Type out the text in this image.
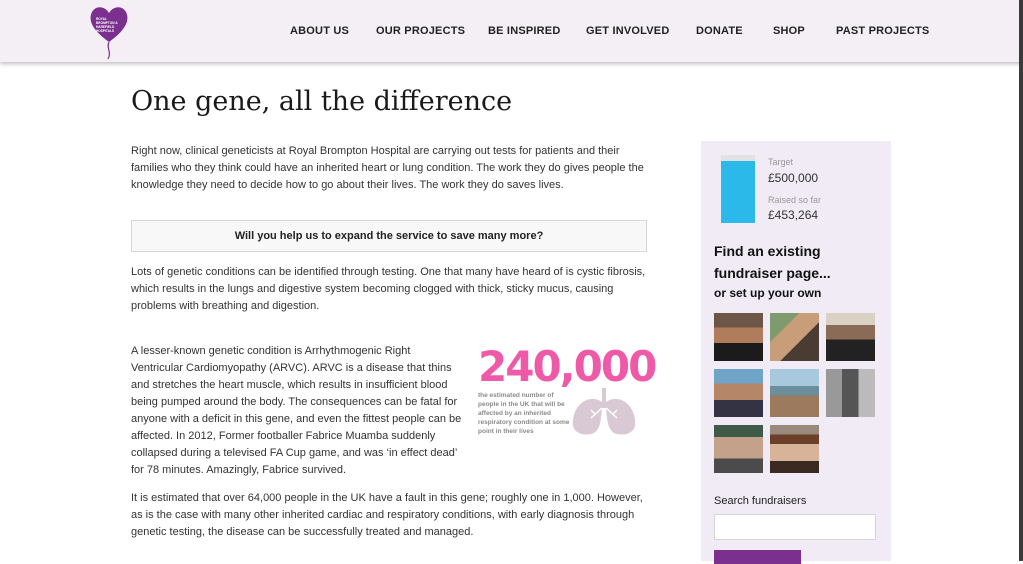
ROYAL
BROMPTON &
HAREFIELD
HOSPITALS	ABOUT US OUR PROJECTS BE INSPIRED GET INVOLVED DONATE	SHOP	PAST PROJECTS
One gene, all the difference

Right now, clinical geneticists at Royal Brompton Hospital are carrying out tests for patients and their families who they think could have an inherited heart or lung condition. The work they do gives people the knowledge they need to decide how to go about their lives. The work they do saves lives.

Will you help us to expand the service to save many more?

Lots of genetic conditions can be identified through testing. One that many have heard of is cystic fibrosis, which results in the lungs and digestive system becoming clogged with thick, sticky mucus, causing problems with breathing and digestion.

A lesser-known genetic condition is Arrhythmogenic Right Ventricular Cardiomyopathy (ARVC). ARVC is a disease that thins and stretches the heart muscle, which results in insufficient blood being pumped around the body. The consequences can be fatal for anyone with a deficit in this gene, and even the fittest people can be affected. In 2012, Former footballer Fabrice Muamba suddenly collapsed during a televised FA Cup game, and was ‘in effect dead’ for 78 minutes. Amazingly, Fabrice survived.

240,000
the estimated number of people in the UK that will be affected by an inherited respiratory condition at some point in their lives

It is estimated that over 64,000 people in the UK have a fault in this gene; roughly one in 1,000. However, as is the case with many other inherited cardiac and respiratory conditions, with early diagnosis through genetic testing, the disease can be successfully treated and managed.

Target
£500,000
Raised so far
£453,264
Find an existing fundraiser page...
or set up your own
Search fundraisers
